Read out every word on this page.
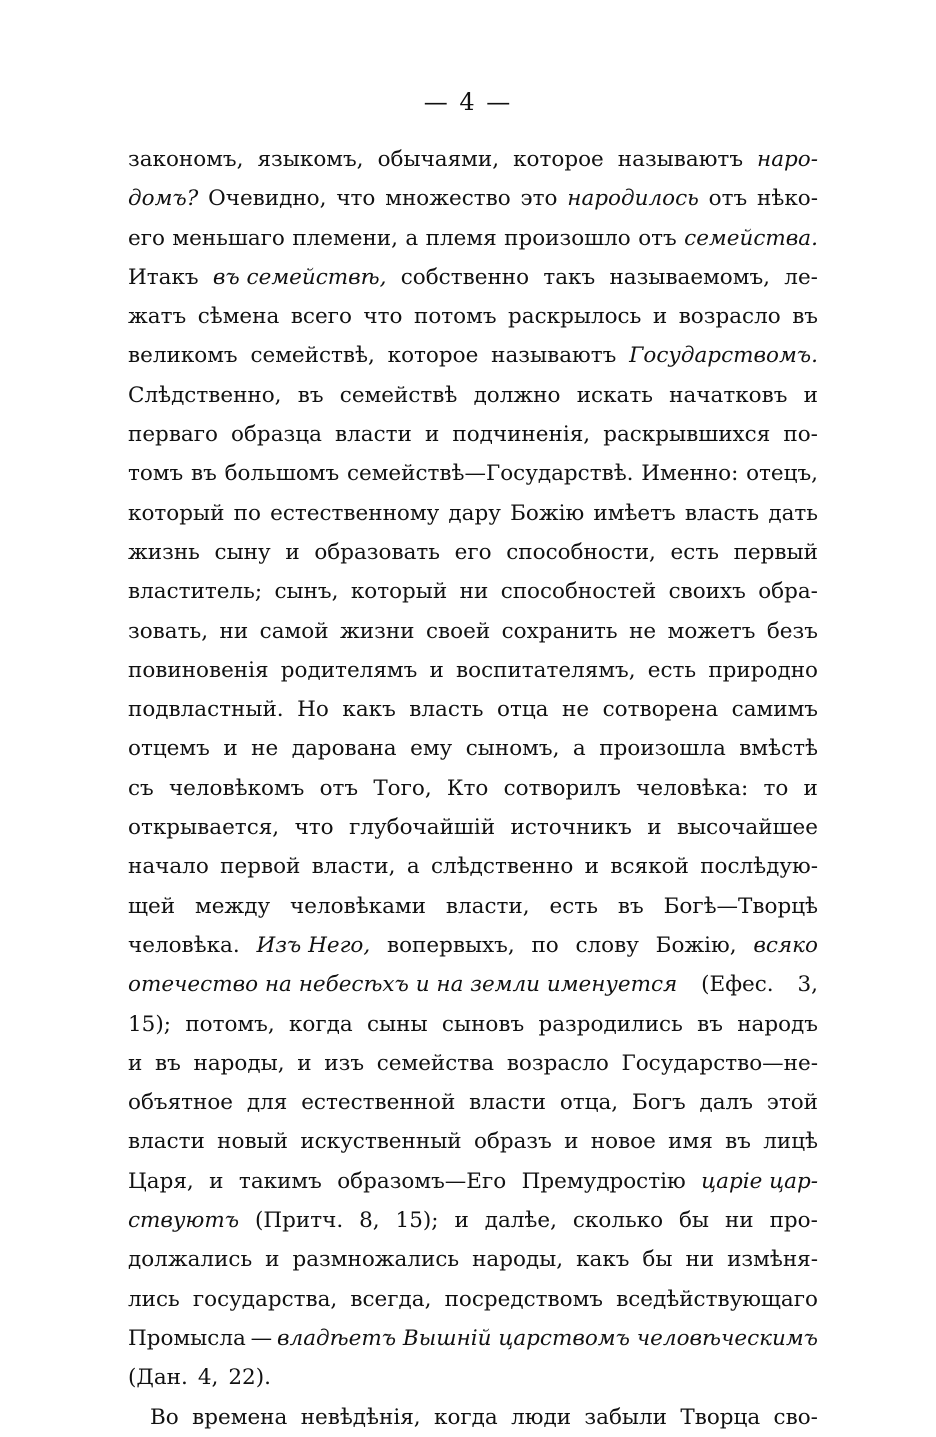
— 4 —
закономъ, языкомъ, обычаями, которое называютъ наро-
домъ? Очевидно, что множество это народилось отъ нѣко-
его меньшаго племени, а племя произошло отъ семейства.
Итакъ въ семействѣ, собственно такъ называемомъ, ле-
жатъ сѣмена всего что потомъ раскрылось и возрасло въ
великомъ семействѣ, которое называютъ Государствомъ.
Слѣдственно, въ семействѣ должно искать начатковъ и
перваго образца власти и подчиненія, раскрывшихся по-
томъ въ большомъ семействѣ—Государствѣ. Именно: отецъ,
который по естественному дару Божію имѣетъ власть дать
жизнь сыну и образовать его способности, есть первый
властитель; сынъ, который ни способностей своихъ обра-
зовать, ни самой жизни своей сохранить не можетъ безъ
повиновенія родителямъ и воспитателямъ, есть природно
подвластный. Но какъ власть отца не сотворена самимъ
отцемъ и не дарована ему сыномъ, а произошла вмѣстѣ
съ человѣкомъ отъ Того, Кто сотворилъ человѣка: то и
открывается, что глубочайшій источникъ и высочайшее
начало первой власти, а слѣдственно и всякой послѣдую-
щей между человѣками власти, есть въ Богѣ—Творцѣ
человѣка. Изъ Него, вопервыхъ, по слову Божію, всяко
отечество на небесѣхъ и на земли именуется (Ефес. 3,
15); потомъ, когда сыны сыновъ разродились въ народъ
и въ народы, и изъ семейства возрасло Государство—не-
объятное для естественной власти отца, Богъ далъ этой
власти новый искуственный образъ и новое имя въ лицѣ
Царя, и такимъ образомъ—Его Премудростію царіе цар-
ствуютъ (Притч. 8, 15); и далѣе, сколько бы ни про-
должались и размножались народы, какъ бы ни измѣня-
лись государства, всегда, посредствомъ вседѣйствующаго
Промысла — владѣетъ Вышній царствомъ человѣческимъ
(Дан. 4, 22).
Во времена невѣдѣнія, когда люди забыли Творца сво-
